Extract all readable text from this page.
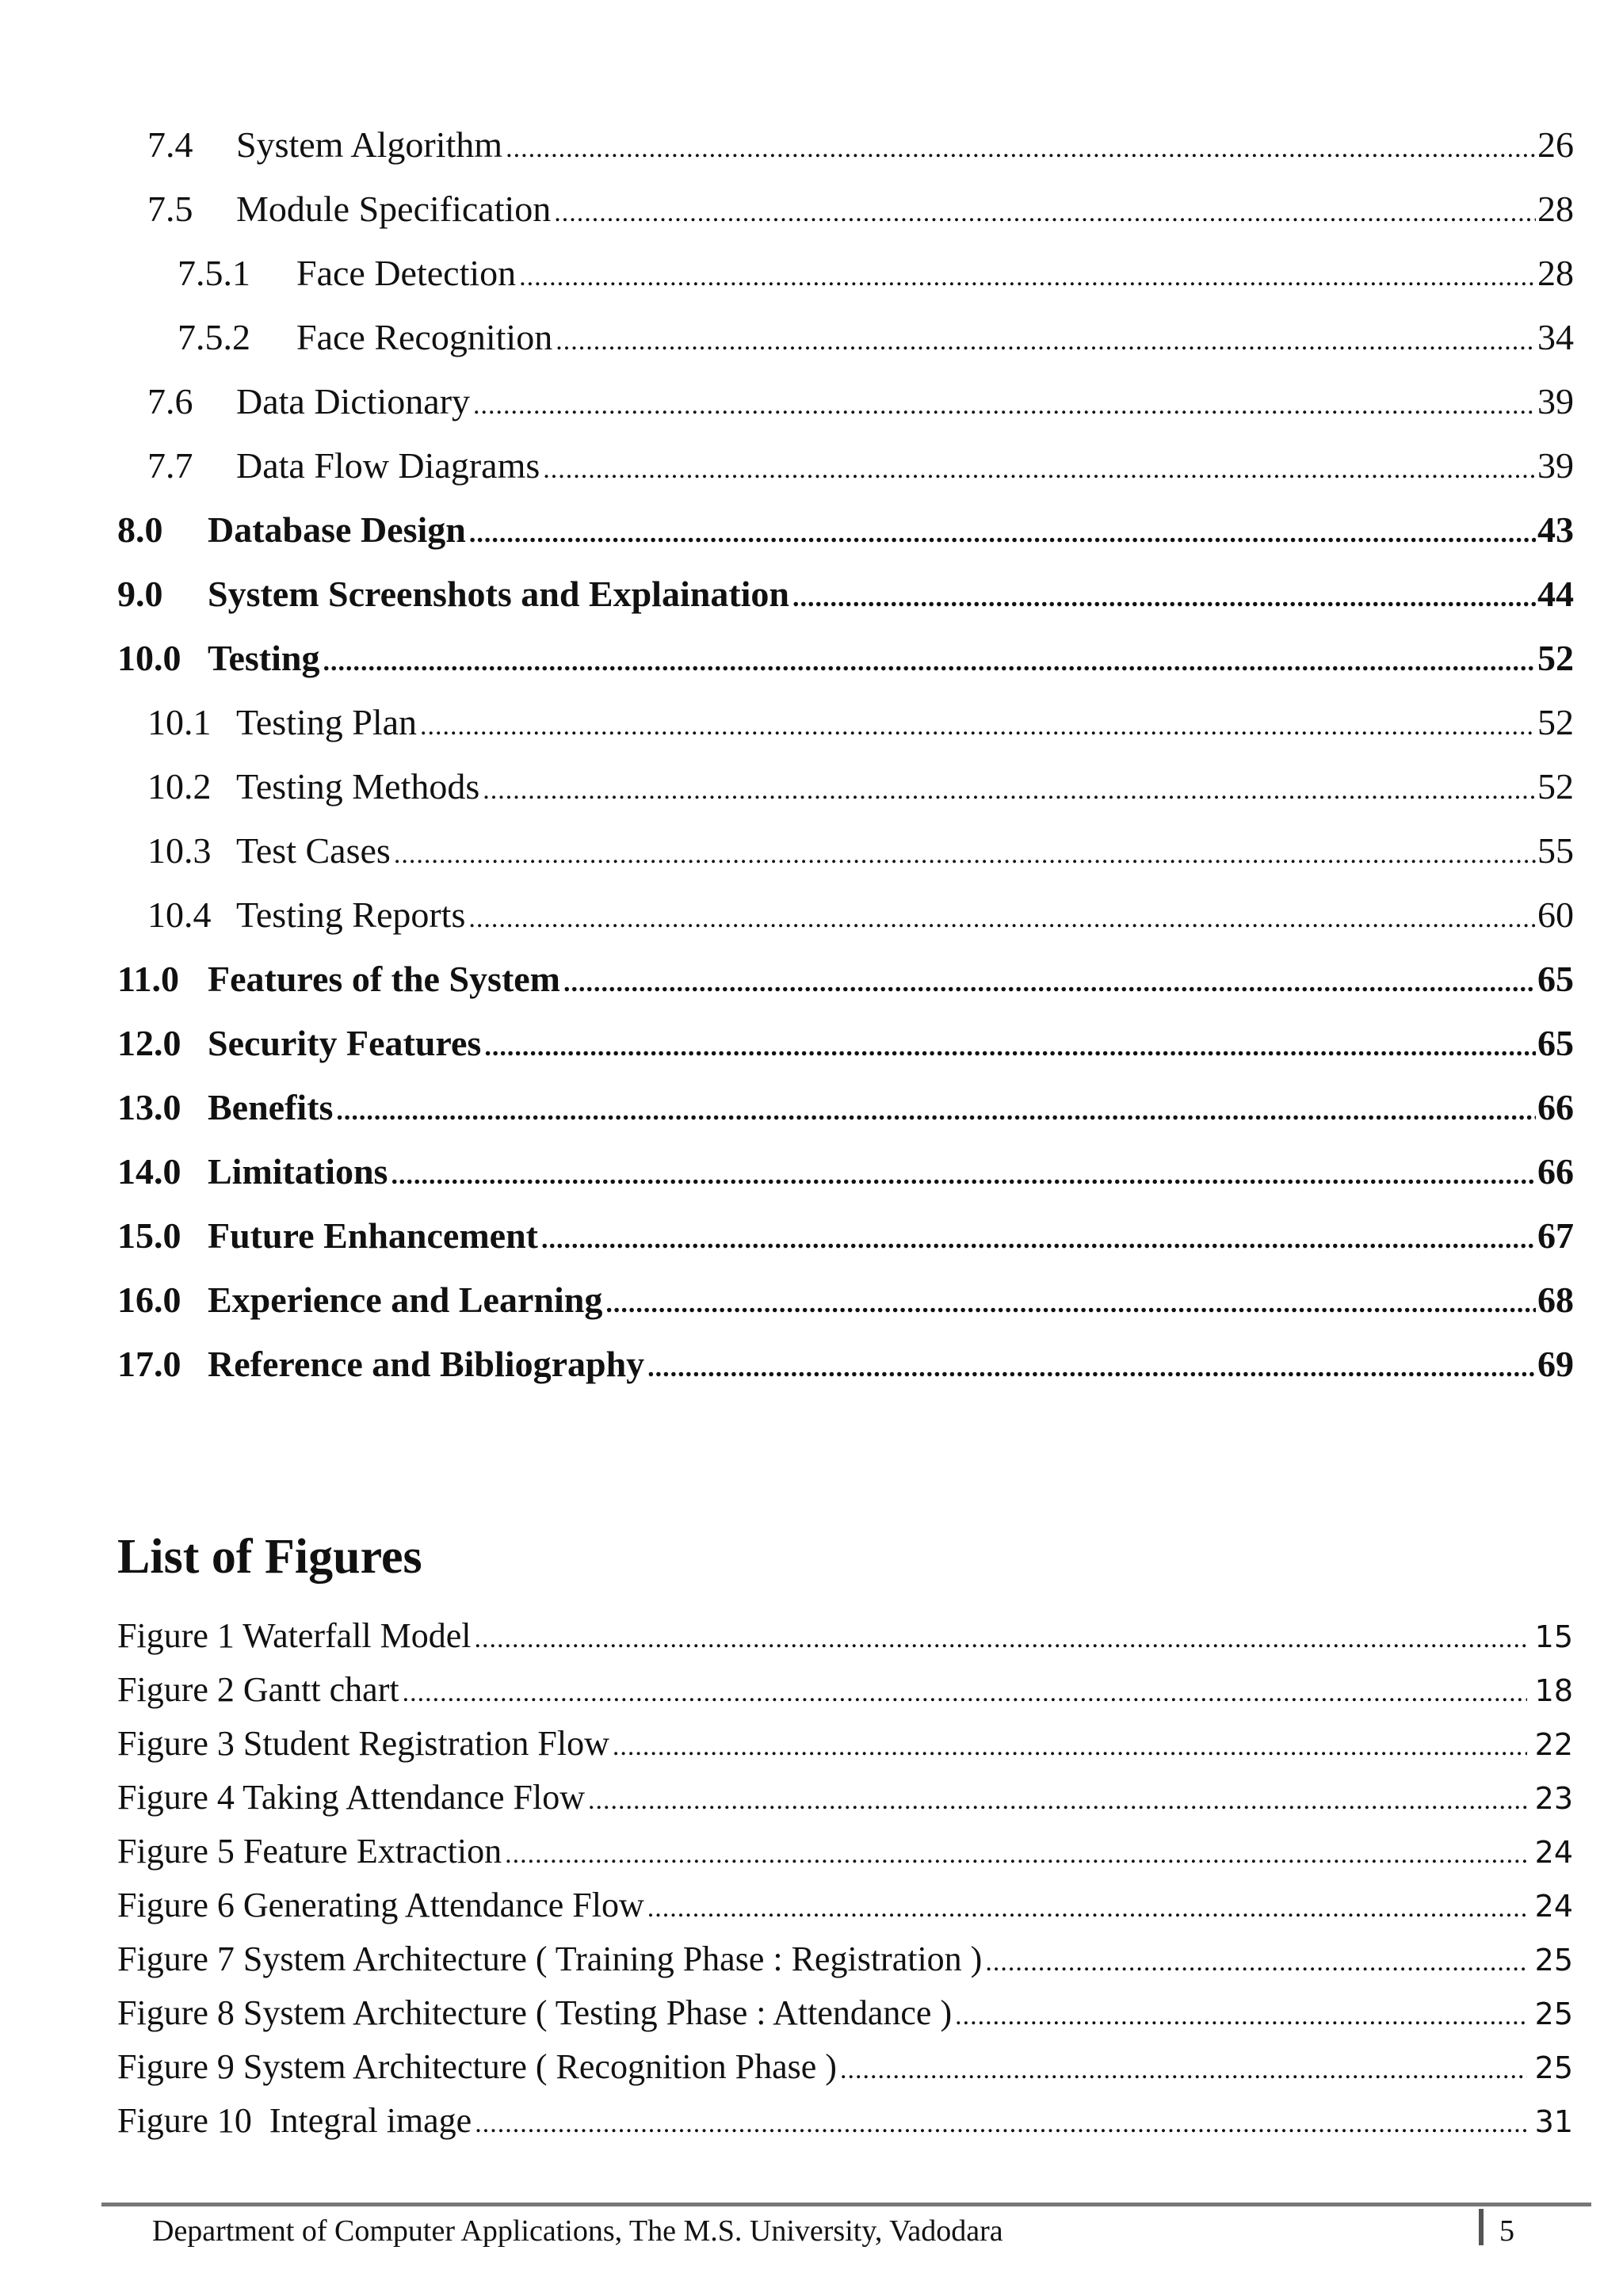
7.4	System Algorithm .....	26
7.5	Module Specification .....	28
7.5.1	Face Detection .....	28
7.5.2	Face Recognition .....	34
7.6	Data Dictionary .....	39
7.7	Data Flow Diagrams .....	39
8.0	Database Design .....	43
9.0	System Screenshots and Explaination .....	44
10.0 Testing .....	52
10.1 Testing Plan .....	52
10.2 Testing Methods .....	52
10.3 Test Cases .....	55
10.4 Testing Reports .....	60
11.0 Features of the System .....	65
12.0 Security Features .....	65
13.0 Benefits .....	66
14.0 Limitations .....	66
15.0 Future Enhancement .....	67
16.0 Experience and Learning .....	68
17.0 Reference and Bibliography .....	69
List of Figures
Figure 1 Waterfall Model .....	15
Figure 2 Gantt chart .....	18
Figure 3 Student Registration Flow .....	22
Figure 4 Taking Attendance Flow .....	23
Figure 5 Feature Extraction .....	24
Figure 6 Generating Attendance Flow .....	24
Figure 7 System Architecture ( Training Phase : Registration ) .....	25
Figure 8 System Architecture ( Testing Phase : Attendance ) .....	25
Figure 9 System Architecture ( Recognition Phase ) .....	25
Figure 10  Integral image .....	31
Department of Computer Applications, The M.S. University, Vadodara	5
